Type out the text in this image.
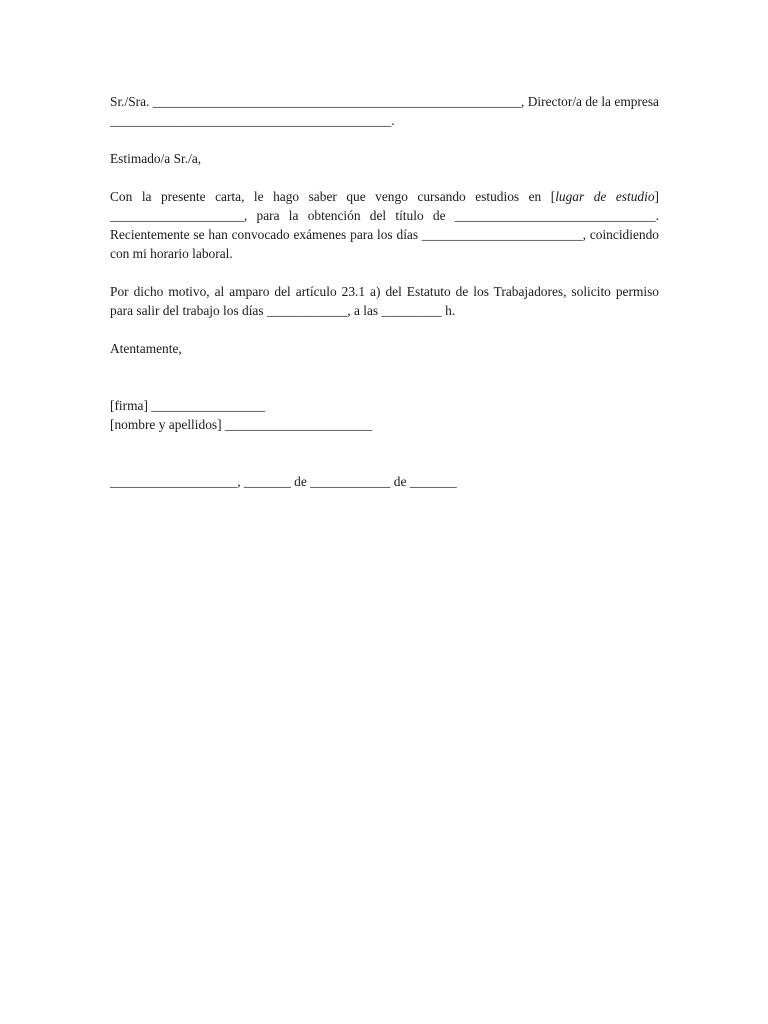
Sr./Sra. _______________________________________________________, Director/a de la empresa __________________________________________.

Estimado/a Sr./a,

Con la presente carta, le hago saber que vengo cursando estudios en [lugar de estudio] ____________________, para la obtención del título de ______________________________. Recientemente se han convocado exámenes para los días ________________________, coincidiendo con mi horario laboral.

Por dicho motivo, al amparo del artículo 23.1 a) del Estatuto de los Trabajadores, solicito permiso para salir del trabajo los días ____________, a las _________ h.

Atentamente,

[firma] _________________
[nombre y apellidos] ______________________
___________________, _______ de ____________ de _______
